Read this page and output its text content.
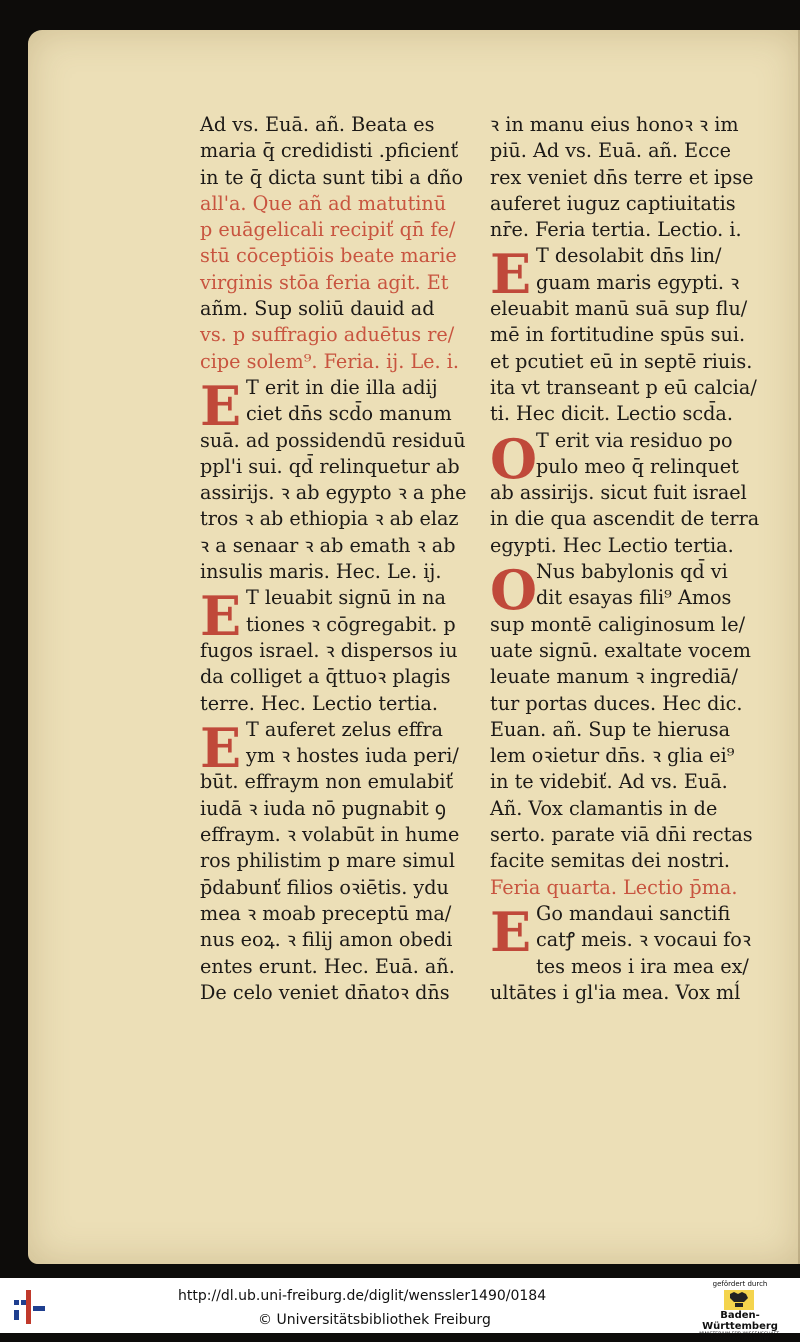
Ad vs. Euā. añ. Beata es
maria q̄ credidisti .pficienť
in te q̄ dicta sunt tibi a dño
all'a. Que añ ad matutinū
p euāgelicali recipiť qn̄ fe/
stū cōceptiōis beate marie
virginis stōa feria agit. Et
añm. Sup soliū dauid ad
vs. p suffragio aduētus re/
cipe solem⁹. Feria. ij. Le. i.
E T erit in die illa adij
ciet dn̄s scd̄o manum
suā. ad possidendū residuū
ppl'i sui. qd̄ relinquetur ab
assirijs. ꝛ ab egypto ꝛ a phe
tros ꝛ ab ethiopia ꝛ ab elaz
ꝛ a senaar ꝛ ab emath ꝛ ab
insulis maris. Hec. Le. ij.
E T leuabit signū in na
tiones ꝛ cōgregabit. p
fugos israel. ꝛ dispersos iu
da colliget a q̄ttuoꝛ plagis
terre. Hec. Lectio tertia.
E T auferet zelus effra
ym ꝛ hostes iuda peri/
būt. effraym non emulabiť
iudā ꝛ iuda nō pugnabit ꝯ
effraym. ꝛ volabūt in hume
ros philistim p mare simul
p̄dabunť filios oꝛiētis. ydu
mea ꝛ moab preceptū ma/
nus eoꝝ. ꝛ filij amon obedi
entes erunt. Hec. Euā. añ.
De celo veniet dn̄atoꝛ dn̄s
ꝛ in manu eius honoꝛ ꝛ im
piū. Ad vs. Euā. añ. Ecce
rex veniet dn̄s terre et ipse
auferet iuguz captiuitatis
nr̄e. Feria tertia. Lectio. i.
E T desolabit dn̄s lin/
guam maris egypti. ꝛ
eleuabit manū suā sup flu/
mē in fortitudine spūs sui.
et pcutiet eū in septē riuis.
ita vt transeant p eū calcia/
ti. Hec dicit. Lectio scd̄a.
O
T erit via residuo po
pulo meo q̄ relinquet
ab assirijs. sicut fuit israel
in die qua ascendit de terra
egypti. Hec Lectio tertia.
O
Nus babylonis qd̄ vi
dit esayas fili⁹ Amos
sup montē caliginosum le/
uate signū. exaltate vocem
leuate manum ꝛ ingrediā/
tur portas duces. Hec dic.
Euan. añ. Sup te hierusa
lem oꝛietur dn̄s. ꝛ glia ei⁹
in te videbiť. Ad vs. Euā.
Añ. Vox clamantis in de
serto. parate viā dn̄i rectas
facite semitas dei nostri.
Feria quarta. Lectio p̄ma.
E Go mandaui sanctifi
catꝭ meis. ꝛ vocaui foꝛ
tes meos i ira mea ex/
ultātes i gl'ia mea. Vox mĺ
http://dl.ub.uni-freiburg.de/diglit/wenssler1490/0184
© Universitätsbibliothek Freiburg
gefördert durch
Baden-Württemberg
MINISTERIUM FÜR WISSENSCHAFT, FORSCHUNG UND KUNST
